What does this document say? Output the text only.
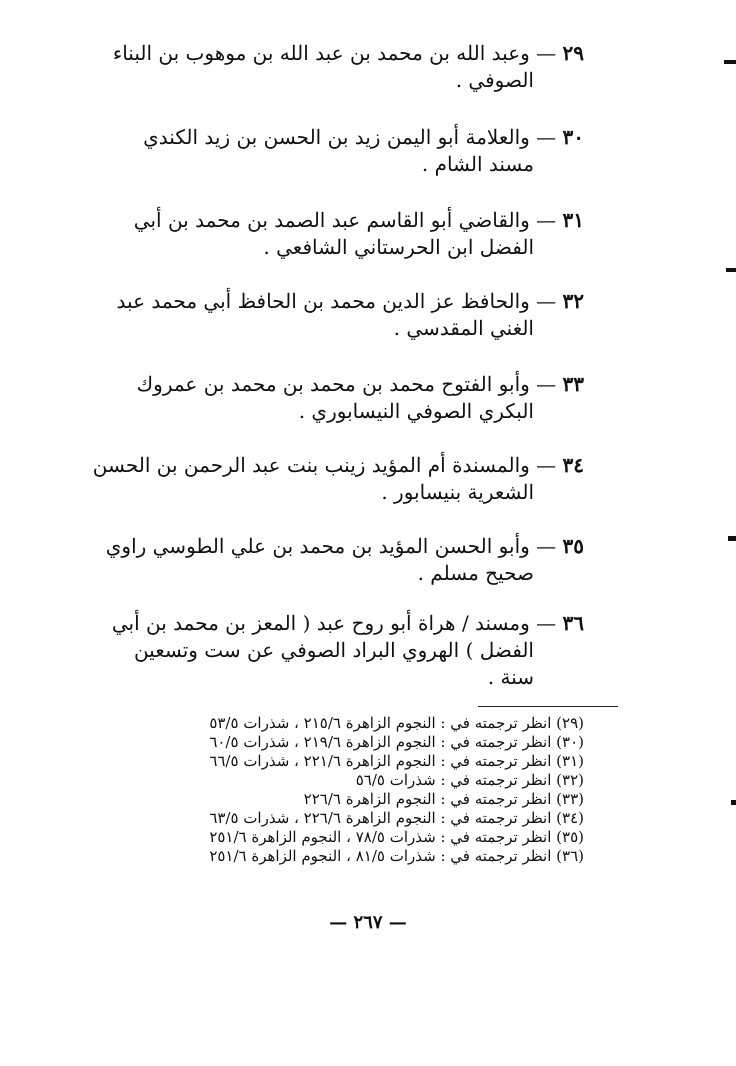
٢٩ — وعبد الله بن محمد بن عبد الله بن موهوب بن البناء
الصوفي .
٣٠ — والعلامة أبو اليمن زيد بن الحسن بن زيد الكندي
مسند الشام .
٣١ — والقاضي أبو القاسم عبد الصمد بن محمد بن أبي
الفضل ابن الحرستاني الشافعي .
٣٢ — والحافظ عز الدين محمد بن الحافظ أبي محمد عبد
الغني المقدسي .
٣٣ — وأبو الفتوح محمد بن محمد بن محمد بن عمروك
البكري الصوفي النيسابوري .
٣٤ — والمسندة أم المؤيد زينب بنت عبد الرحمن بن الحسن
الشعرية بنيسابور .
٣٥ — وأبو الحسن المؤيد بن محمد بن علي الطوسي راوي
صحيح مسلم .
٣٦ — ومسند / هراة أبو روح عبد ( المعز بن محمد بن أبي
الفضل ) الهروي البراد الصوفي عن ست وتسعين سنة .
(٢٩) انظر ترجمته في : النجوم الزاهرة ٢١٥/٦ ، شذرات ٥٣/٥
(٣٠) انظر ترجمته في : النجوم الزاهرة ٢١٩/٦ ، شذرات ٦٠/٥
(٣١) انظر ترجمته في : النجوم الزاهرة ٢٢١/٦ ، شذرات ٦٦/٥
(٣٢) انظر ترجمته في : شذرات ٥٦/٥
(٣٣) انظر ترجمته في : النجوم الزاهرة ٢٢٦/٦
(٣٤) انظر ترجمته في : النجوم الزاهرة ٢٢٦/٦ ، شذرات ٦٣/٥
(٣٥) انظر ترجمته في : شذرات ٧٨/٥ ، النجوم الزاهرة ٢٥١/٦
(٣٦) انظر ترجمته في : شذرات ٨١/٥ ، النجوم الزاهرة ٢٥١/٦
— ٢٦٧ —
